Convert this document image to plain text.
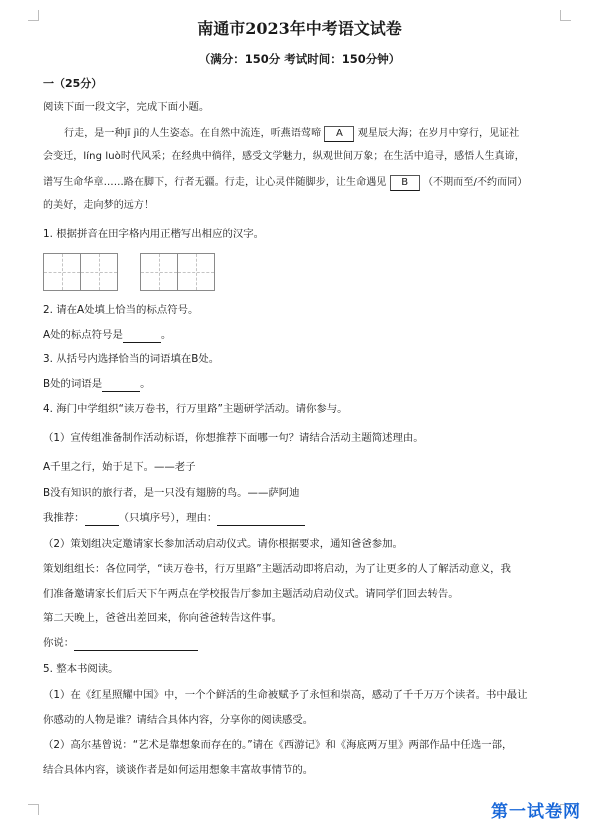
南通市2023年中考语文试卷
（满分：150分 考试时间：150分钟）
一（25分）
阅读下面一段文字，完成下面小题。
行走，是一种jī jì的人生姿态。在自然中流连，听燕语莺啼 A 观星辰大海；在岁月中穿行，见证社
会变迁，líng luò时代风采；在经典中徜徉，感受文学魅力，纵观世间万象；在生活中追寻，感悟人生真谛，
谱写生命华章……路在脚下，行者无疆。行走，让心灵伴随脚步，让生命遇见 B （不期而至/不约而同）
的美好，走向梦的远方！
1. 根据拼音在田字格内用正楷写出相应的汉字。
2. 请在A处填上恰当的标点符号。
A处的标点符号是	。
3. 从括号内选择恰当的词语填在B处。
B处的词语是	。
4. 海门中学组织“读万卷书，行万里路”主题研学活动。请你参与。
（1）宣传组准备制作活动标语，你想推荐下面哪一句？请结合活动主题简述理由。
A千里之行，始于足下。——老子
B没有知识的旅行者，是一只没有翅膀的鸟。——萨阿迪
我推荐：	（只填序号），理由：
（2）策划组决定邀请家长参加活动启动仪式。请你根据要求，通知爸爸参加。
策划组组长：各位同学，“读万卷书，行万里路”主题活动即将启动，为了让更多的人了解活动意义，我
们准备邀请家长们后天下午两点在学校报告厅参加主题活动启动仪式。请同学们回去转告。
第二天晚上，爸爸出差回来，你向爸爸转告这件事。
你说：
5. 整本书阅读。
（1）在《红星照耀中国》中，一个个鲜活的生命被赋予了永恒和崇高，感动了千千万万个读者。书中最让
你感动的人物是谁？请结合具体内容，分享你的阅读感受。
（2）高尔基曾说：“艺术是靠想象而存在的。”请在《西游记》和《海底两万里》两部作品中任选一部，
结合具体内容，谈谈作者是如何运用想象丰富故事情节的。
第一试卷网
